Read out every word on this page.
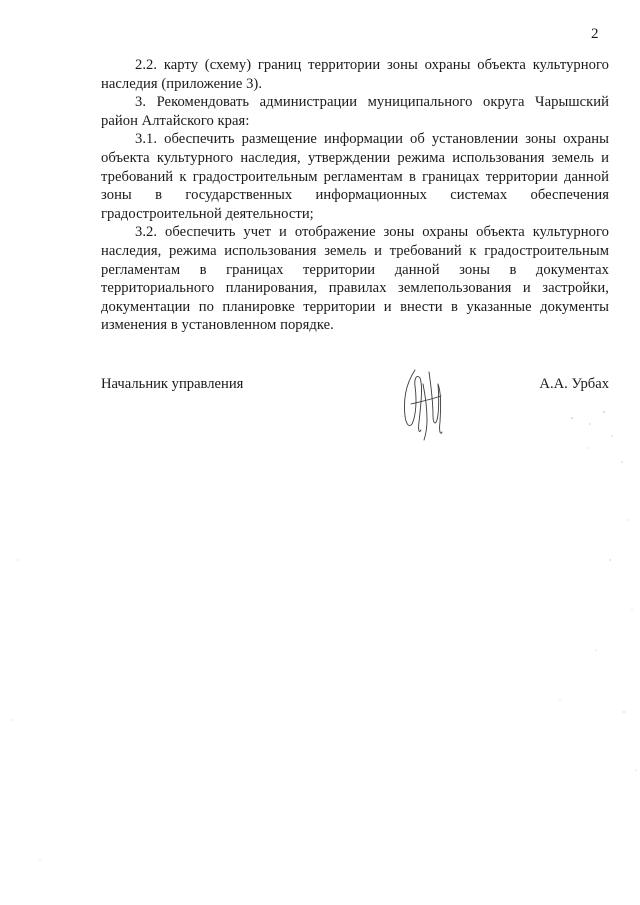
2

2.2. карту (схему) границ территории зоны охраны объекта культурного наследия (приложение 3).

3. Рекомендовать администрации муниципального округа Чарышский район Алтайского края:

3.1. обеспечить размещение информации об установлении зоны охраны объекта культурного наследия, утверждении режима использования земель и требований к градостроительным регламентам в границах территории данной зоны в государственных информационных системах обеспечения градостроительной деятельности;

3.2. обеспечить учет и отображение зоны охраны объекта культурного наследия, режима использования земель и требований к градостроительным регламентам в границах территории данной зоны в документах территориального планирования, правилах землепользования и застройки, документации по планировке территории и внести в указанные документы изменения в установленном порядке.

Начальник управления	А.А. Урбах
